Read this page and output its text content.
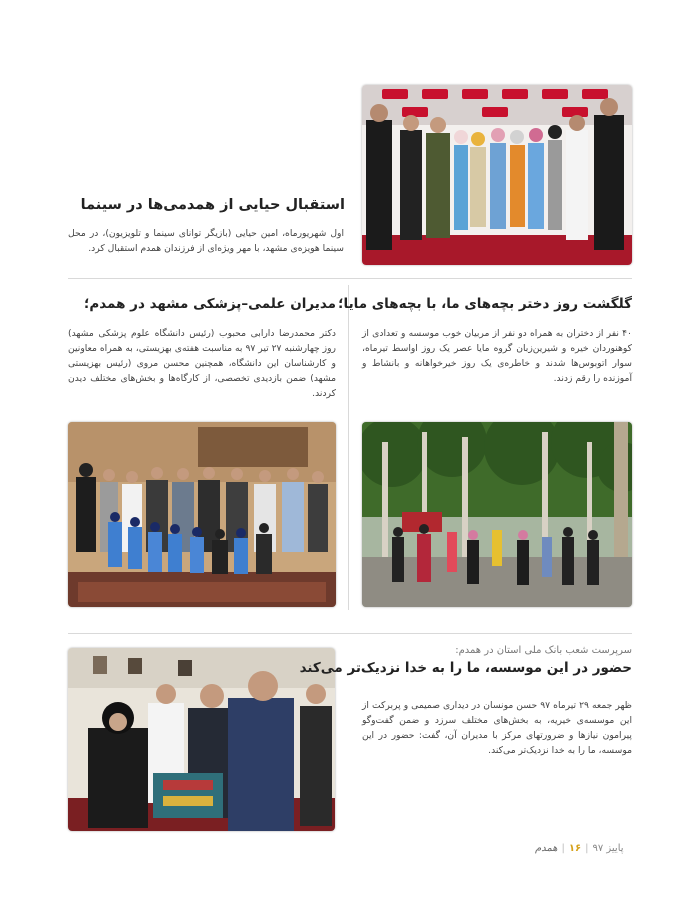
استقبال حیایی از همدمی‌ها در سینما
اول شهریورماه، امین حیایی (بازیگر توانای سینما و تلویزیون)، در محل سینما هویزه‌ی مشهد، با مهر ویژه‌ای از فرزندان همدم استقبال کرد.
گلگشت روز دختر بچه‌های ما، با بچه‌های مایا؛
۴۰ نفر از دختران به همراه دو نفر از مربیان خوب موسسه و تعدادی از کوهنوردان خیره و شیرین‌زبان گروه مایا عصر یک روز اواسط تیرماه، سوار اتوبوس‌ها شدند و خاطره‌ی یک روز خیرخواهانه و بانشاط و آموزنده را رقم زدند.
مدیران علمی–پزشکی مشهد در همدم؛
دکتر محمدرضا دارابی محبوب (رئیس دانشگاه علوم پزشکی مشهد) روز چهارشنبه ۲۷ تیر ۹۷ به مناسبت هفته‌ی بهزیستی، به همراه معاونین و کارشناسان این دانشگاه، همچنین محسن مروی (رئیس بهزیستی مشهد) ضمن بازدیدی تخصصی، از کارگاه‌ها و بخش‌های مختلف دیدن کردند.
سرپرست شعب بانک ملی استان در همدم:
حضور در این موسسه، ما را به خدا نزدیک‌تر می‌کند
ظهر جمعه ۲۹ تیرماه ۹۷ حسن مونسان در دیداری صمیمی و پربرکت از این موسسه‌ی خیریه، به بخش‌های مختلف سرزد و ضمن گفت‌وگو پیرامون نیازها و ضرورتهای مرکز با مدیران آن، گفت: حضور در این موسسه، ما را به خدا نزدیک‌تر می‌کند.
پاییز ۹۷
|
۱۶
|
همدم
